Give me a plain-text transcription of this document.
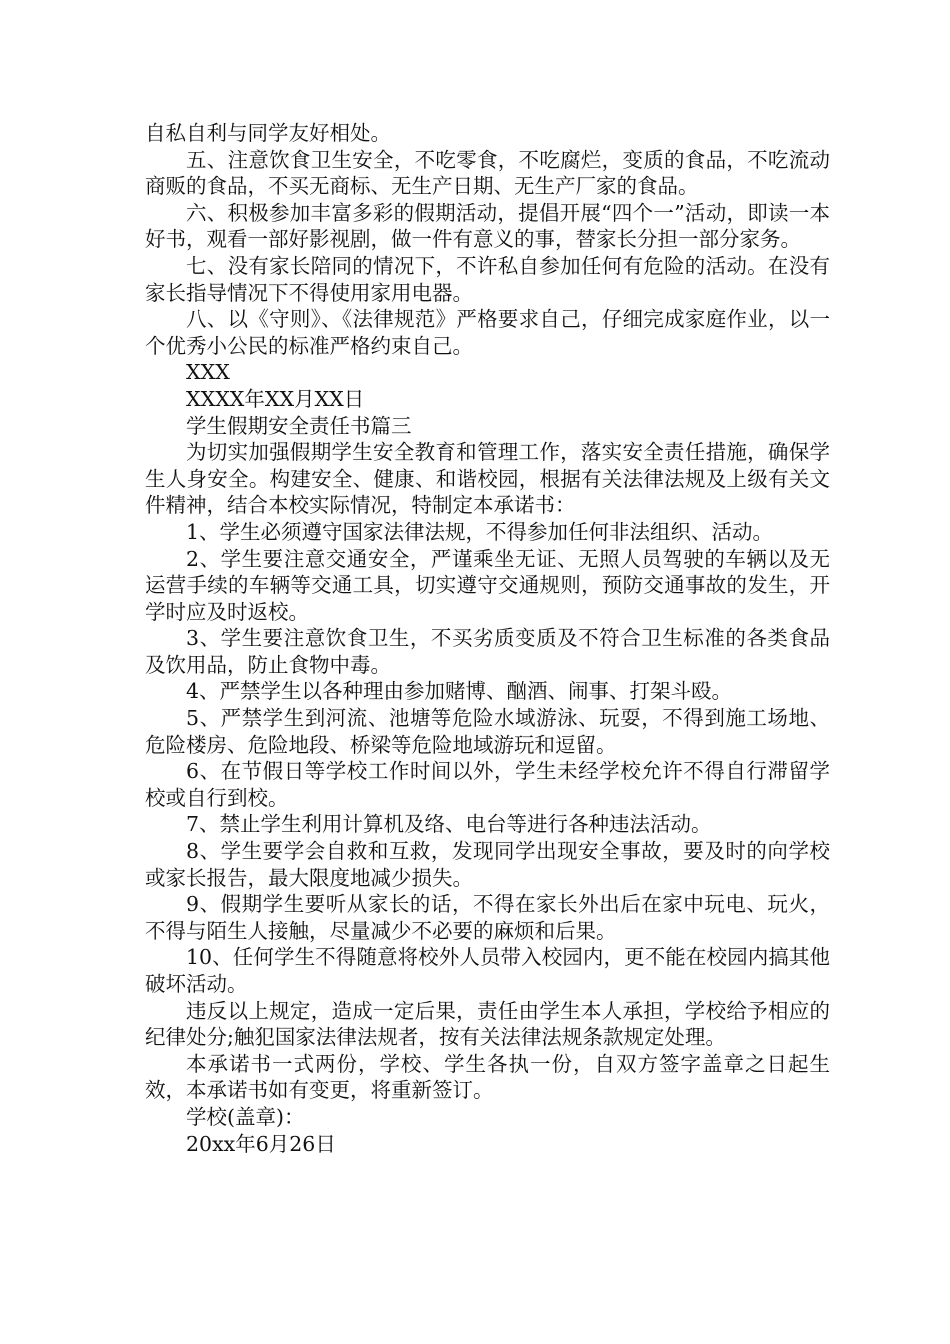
自私自利与同学友好相处。

五、注意饮食卫生安全，不吃零食，不吃腐烂，变质的食品，不吃流动商贩的食品，不买无商标、无生产日期、无生产厂家的食品。

六、积极参加丰富多彩的假期活动，提倡开展“四个一”活动，即读一本好书，观看一部好影视剧，做一件有意义的事，替家长分担一部分家务。

七、没有家长陪同的情况下，不许私自参加任何有危险的活动。在没有家长指导情况下不得使用家用电器。

八、以《守则》、《法律规范》严格要求自己，仔细完成家庭作业，以一个优秀小公民的标准严格约束自己。

XXX

XXXX年XX月XX日

学生假期安全责任书篇三

为切实加强假期学生安全教育和管理工作，落实安全责任措施，确保学生人身安全。构建安全、健康、和谐校园，根据有关法律法规及上级有关文件精神，结合本校实际情况，特制定本承诺书：

1、学生必须遵守国家法律法规，不得参加任何非法组织、活动。

2、学生要注意交通安全，严谨乘坐无证、无照人员驾驶的车辆以及无运营手续的车辆等交通工具，切实遵守交通规则，预防交通事故的发生，开学时应及时返校。

3、学生要注意饮食卫生，不买劣质变质及不符合卫生标准的各类食品及饮用品，防止食物中毒。

4、严禁学生以各种理由参加赌博、酗酒、闹事、打架斗殴。

5、严禁学生到河流、池塘等危险水域游泳、玩耍，不得到施工场地、危险楼房、危险地段、桥梁等危险地域游玩和逗留。

6、在节假日等学校工作时间以外，学生未经学校允许不得自行滞留学校或自行到校。

7、禁止学生利用计算机及络、电台等进行各种违法活动。

8、学生要学会自救和互救，发现同学出现安全事故，要及时的向学校或家长报告，最大限度地减少损失。

9、假期学生要听从家长的话，不得在家长外出后在家中玩电、玩火，不得与陌生人接触，尽量减少不必要的麻烦和后果。

10、任何学生不得随意将校外人员带入校园内，更不能在校园内搞其他破坏活动。

违反以上规定，造成一定后果，责任由学生本人承担，学校给予相应的纪律处分;触犯国家法律法规者，按有关法律法规条款规定处理。

本承诺书一式两份，学校、学生各执一份，自双方签字盖章之日起生效，本承诺书如有变更，将重新签订。

学校(盖章)：

20xx年6月26日
